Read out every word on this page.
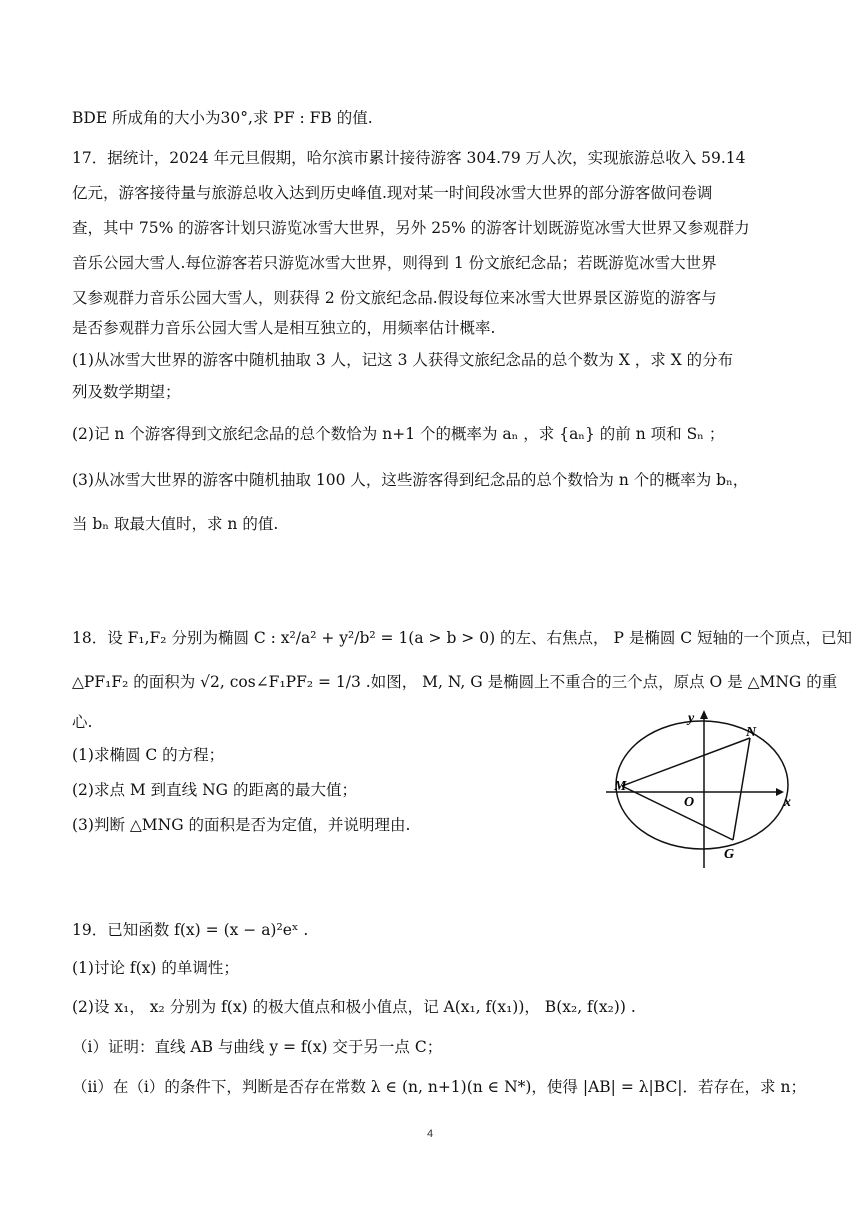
BDE 所成角的大小为30°,求 PF : FB 的值.
17．据统计，2024 年元旦假期，哈尔滨市累计接待游客 304.79 万人次，实现旅游总收入 59.14
亿元，游客接待量与旅游总收入达到历史峰值.现对某一时间段冰雪大世界的部分游客做问卷调
查，其中 75% 的游客计划只游览冰雪大世界，另外 25% 的游客计划既游览冰雪大世界又参观群力
音乐公园大雪人.每位游客若只游览冰雪大世界，则得到 1 份文旅纪念品；若既游览冰雪大世界
又参观群力音乐公园大雪人，则获得 2 份文旅纪念品.假设每位来冰雪大世界景区游览的游客与
是否参观群力音乐公园大雪人是相互独立的，用频率估计概率.
(1)从冰雪大世界的游客中随机抽取 3 人，记这 3 人获得文旅纪念品的总个数为 X ，求 X 的分布
列及数学期望；
(2)记 n 个游客得到文旅纪念品的总个数恰为 n+1 个的概率为 aₙ ，求 {aₙ} 的前 n 项和 Sₙ ；
(3)从冰雪大世界的游客中随机抽取 100 人，这些游客得到纪念品的总个数恰为 n 个的概率为 bₙ，
当 bₙ 取最大值时，求 n 的值.
18．设 F₁,F₂ 分别为椭圆 C : x²/a² + y²/b² = 1(a > b > 0) 的左、右焦点， P 是椭圆 C 短轴的一个顶点，已知
△PF₁F₂ 的面积为 √2, cos∠F₁PF₂ = 1/3 .如图， M, N, G 是椭圆上不重合的三个点，原点 O 是 △MNG 的重
心.
(1)求椭圆 C 的方程；
(2)求点 M 到直线 NG 的距离的最大值；
(3)判断 △MNG 的面积是否为定值，并说明理由.
y
x
M
N
O
G
19．已知函数 f(x) = (x − a)²eˣ .
(1)讨论 f(x) 的单调性；
(2)设 x₁， x₂ 分别为 f(x) 的极大值点和极小值点，记 A(x₁, f(x₁))， B(x₂, f(x₂)) .
（ⅰ）证明：直线 AB 与曲线 y = f(x) 交于另一点 C；
（ⅱ）在（i）的条件下，判断是否存在常数 λ ∈ (n, n+1)(n ∈ N*)，使得 |AB| = λ|BC|．若存在，求 n；
4
